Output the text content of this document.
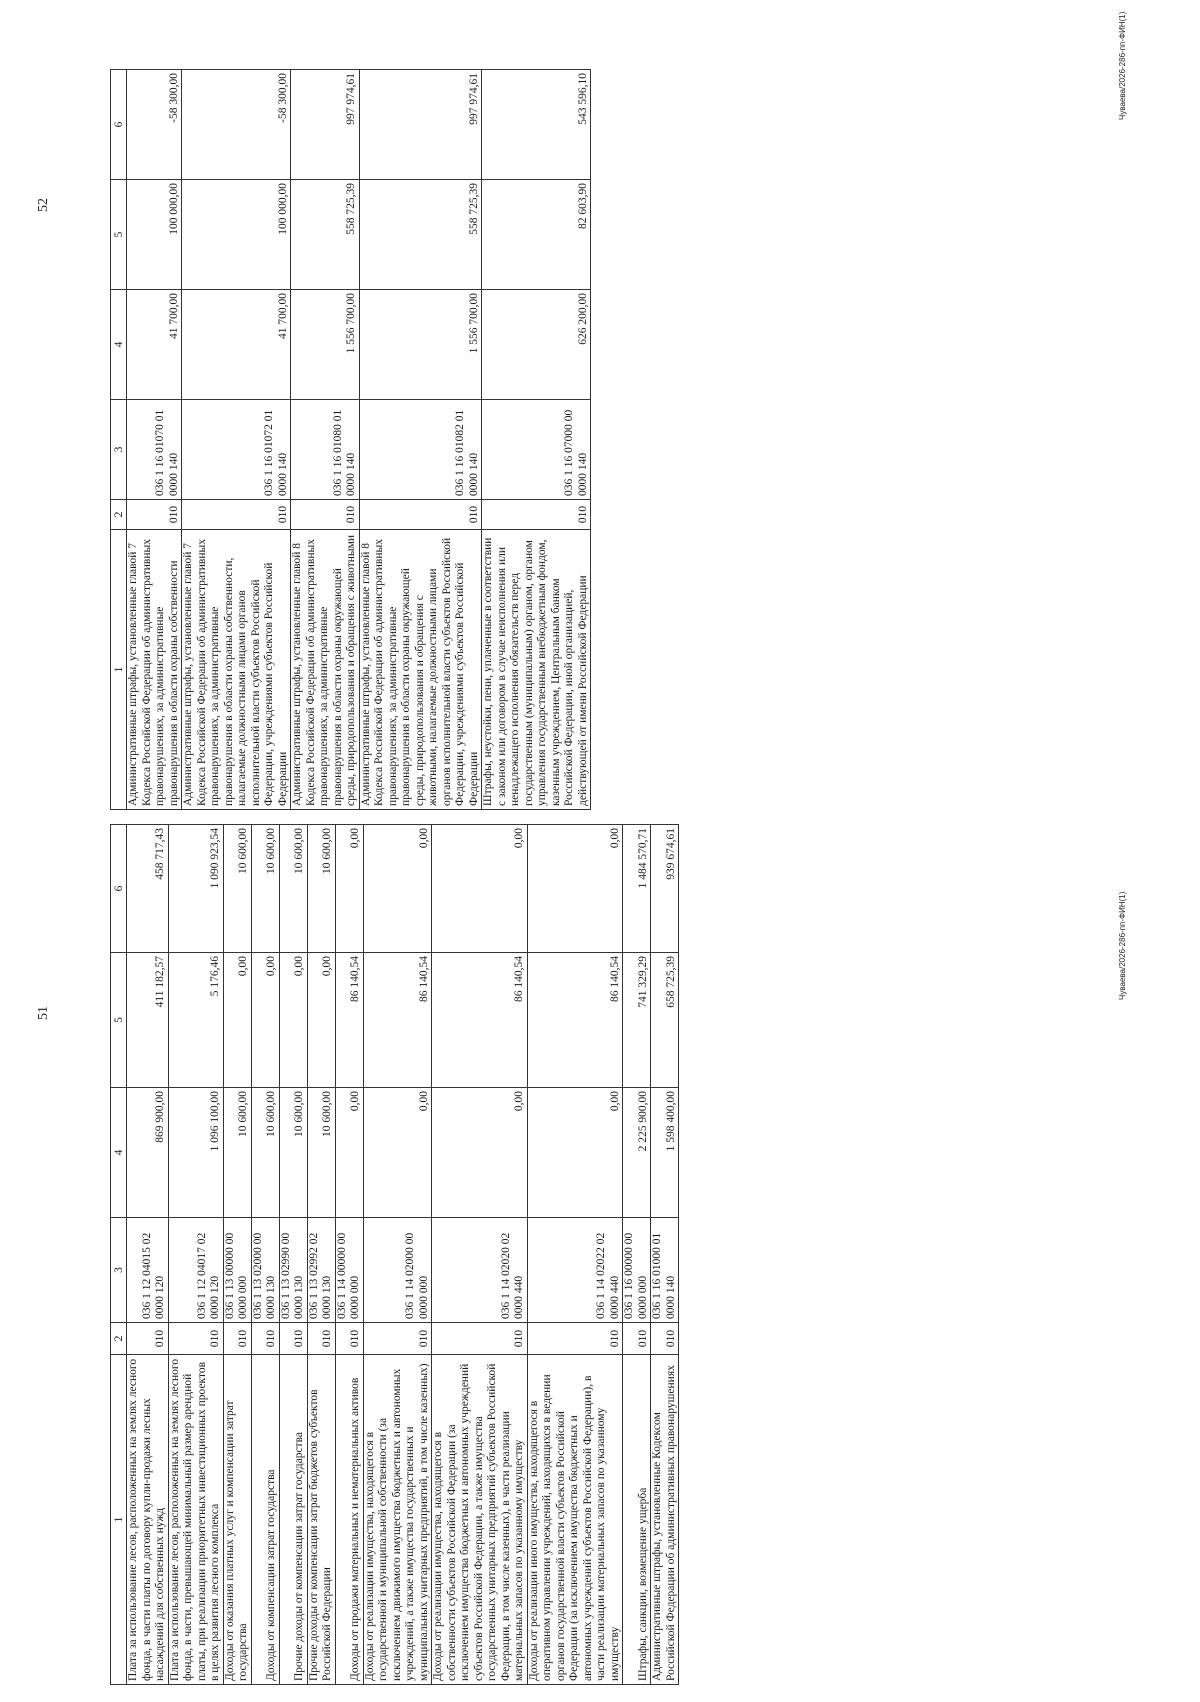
51
1	2	3	4	5	6
Плата за использование лесов, расположенных на землях лесного фонда, в части платы по договору купли-продажи лесных насаждений для собственных нужд	010	036 1 12 04015 02 0000 120	869 900,00	411 182,57	458 717,43
Плата за использование лесов, расположенных на землях лесного фонда, в части, превышающей минимальный размер арендной платы, при реализации приоритетных инвестиционных проектов в целях развития лесного комплекса	010	036 1 12 04017 02 0000 120	1 096 100,00	5 176,46	1 090 923,54
Доходы от оказания платных услуг и компенсации затрат государства	010	036 1 13 00000 00 0000 000	10 600,00	0,00	10 600,00
Доходы от компенсации затрат государства	010	036 1 13 02000 00 0000 130	10 600,00	0,00	10 600,00
Прочие доходы от компенсации затрат государства	010	036 1 13 02990 00 0000 130	10 600,00	0,00	10 600,00
Прочие доходы от компенсации затрат бюджетов субъектов Российской Федерации	010	036 1 13 02992 02 0000 130	10 600,00	0,00	10 600,00
Доходы от продажи материальных и нематериальных активов	010	036 1 14 00000 00 0000 000	0,00	86 140,54	0,00
Доходы от реализации имущества, находящегося в государственной и муниципальной собственности (за исключением движимого имущества бюджетных и автономных учреждений, а также имущества государственных и муниципальных унитарных предприятий, в том числе казенных)	010	036 1 14 02000 00 0000 000	0,00	86 140,54	0,00
Доходы от реализации имущества, находящегося в собственности субъектов Российской Федерации (за исключением имущества бюджетных и автономных учреждений субъектов Российской Федерации, а также имущества государственных унитарных предприятий субъектов Российской Федерации, в том числе казенных), в части реализации материальных запасов по указанному имуществу	010	036 1 14 02020 02 0000 440	0,00	86 140,54	0,00
Доходы от реализации иного имущества, находящегося в оперативном управлении учреждений, находящихся в ведении органов государственной власти субъектов Российской Федерации (за исключением имущества бюджетных и автономных учреждений субъектов Российской Федерации), в части реализации материальных запасов по указанному имуществу	010	036 1 14 02022 02 0000 440	0,00	86 140,54	0,00
Штрафы, санкции, возмещение ущерба	010	036 1 16 00000 00 0000 000	2 225 900,00	741 329,29	1 484 570,71
Административные штрафы, установленные Кодексом Российской Федерации об административных правонарушениях	010	036 1 16 01000 01 0000 140	1 598 400,00	658 725,39	939 674,61
Чуваева/2026-286-пп-ФИН(1)
52
1	2	3	4	5	6
Административные штрафы, установленные главой 7 Кодекса Российской Федерации об административных правонарушениях, за административные правонарушения в области охраны собственности	010	036 1 16 01070 01 0000 140	41 700,00	100 000,00	-58 300,00
Административные штрафы, установленные главой 7 Кодекса Российской Федерации об административных правонарушениях, за административные правонарушения в области охраны собственности, налагаемые должностными лицами органов исполнительной власти субъектов Российской Федерации, учреждениями субъектов Российской Федерации	010	036 1 16 01072 01 0000 140	41 700,00	100 000,00	-58 300,00
Административные штрафы, установленные главой 8 Кодекса Российской Федерации об административных правонарушениях, за административные правонарушения в области охраны окружающей среды, природопользования и обращения с животными	010	036 1 16 01080 01 0000 140	1 556 700,00	558 725,39	997 974,61
Административные штрафы, установленные главой 8 Кодекса Российской Федерации об административных правонарушениях, за административные правонарушения в области охраны окружающей среды, природопользования и обращения с животными, налагаемые должностными лицами органов исполнительной власти субъектов Российской Федерации, учреждениями субъектов Российской Федерации	010	036 1 16 01082 01 0000 140	1 556 700,00	558 725,39	997 974,61
Штрафы, неустойки, пени, уплаченные в соответствии с законом или договором в случае неисполнения или ненадлежащего исполнения обязательств перед государственным (муниципальным) органом, органом управления государственным внебюджетным фондом, казенным учреждением, Центральным банком Российской Федерации, иной организацией, действующей от имени Российской Федерации	010	036 1 16 07000 00 0000 140	626 200,00	82 603,90	543 596,10	Чуваева/2026-286-пп-ФИН(1)
